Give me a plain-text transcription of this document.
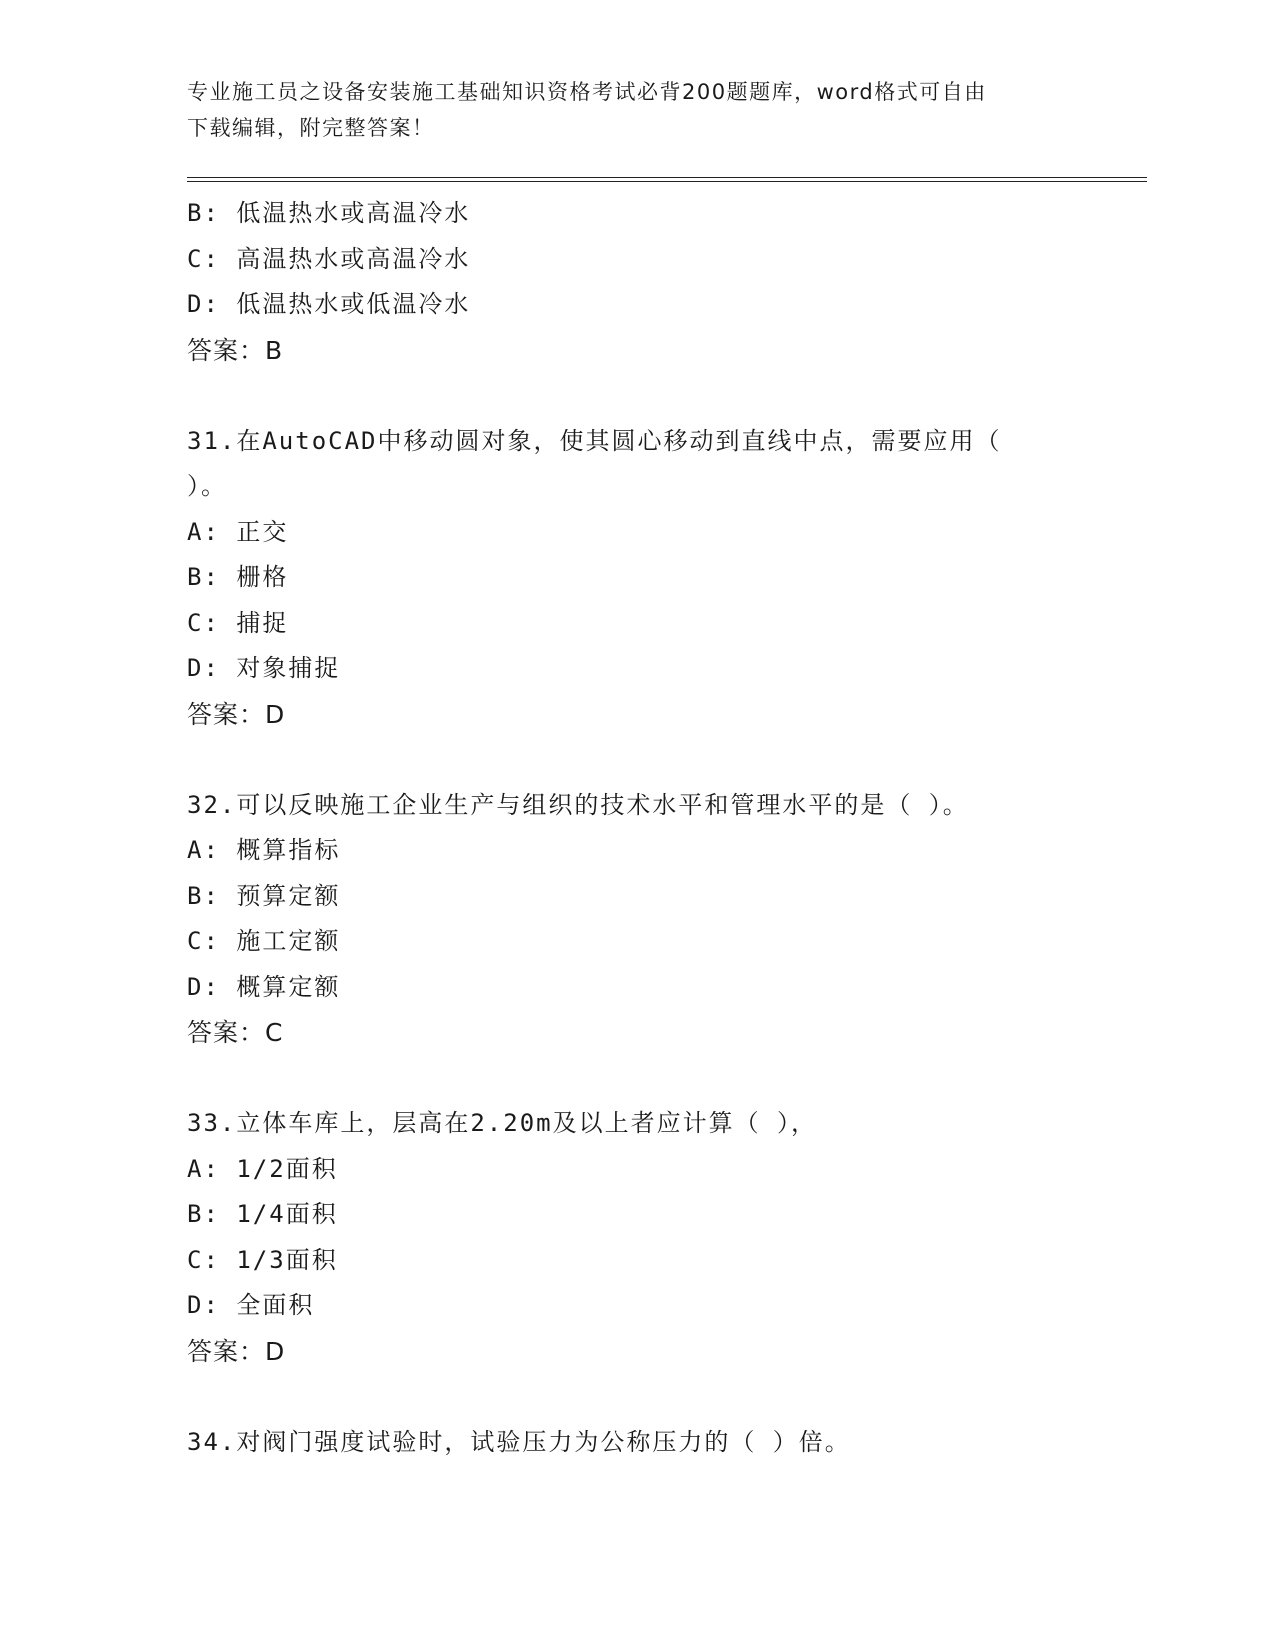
专业施工员之设备安装施工基础知识资格考试必背200题题库，word格式可自由
下载编辑，附完整答案！

B: 低温热水或高温冷水

C: 高温热水或高温冷水

D: 低温热水或低温冷水

答案：B

31.在AutoCAD中移动圆对象，使其圆心移动到直线中点，需要应用（

）。

A: 正交

B: 栅格

C: 捕捉

D: 对象捕捉

答案：D

32.可以反映施工企业生产与组织的技术水平和管理水平的是（ ）。

A: 概算指标

B: 预算定额

C: 施工定额

D: 概算定额

答案：C

33.立体车库上，层高在2.20m及以上者应计算（ ），

A: 1/2面积

B: 1/4面积

C: 1/3面积

D: 全面积

答案：D

34.对阀门强度试验时，试验压力为公称压力的（ ）倍。
